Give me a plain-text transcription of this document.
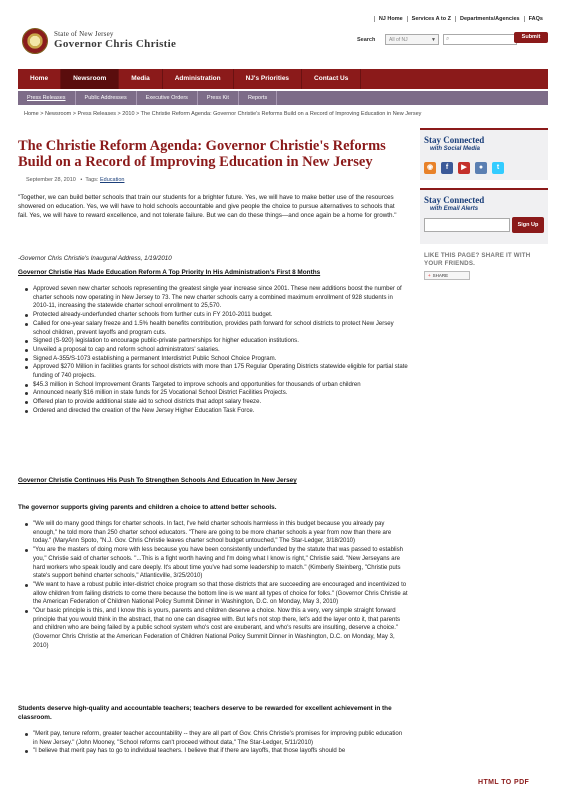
NJ Home	Services A to Z	Departments/Agencies	FAQs
State of New Jersey
Governor Chris Christie	Search	All of NJ	▼ ⌕	Submit
Home	Newsroom	Media	Administration	NJ's Priorities	Contact Us
Press Releases	Public Addresses	Executive Orders	Press Kit	Reports
Home > Newsroom > Press Releases > 2010 > The Christie Reform Agenda: Governor Christie's Reforms Build on a Record of Improving Education in New Jersey
The Christie Reform Agenda: Governor Christie's Reforms Build on a Record of Improving Education in New Jersey
September 28, 2010   •  Tags: Education

"Together, we can build better schools that train our students for a brighter future. Yes, we will have to make better use of the resources showered on education. Yes, we will have to hold schools accountable and give people the choice to pursue alternatives to schools that fail. Yes, we will have to reward excellence, and not tolerate failure. But we can do these things—and once again be a home for growth."

-Governor Chris Christie's Inaugural Address, 1/19/2010

Governor Christie Has Made Education Reform A Top Priority In His Administration's First 8 Months
Approved seven new charter schools representing the greatest single year increase since 2001. These new additions boost the number of charter schools now operating in New Jersey to 73. The new charter schools carry a combined maximum enrollment of 928 students in 2010-11, increasing the statewide charter school enrollment to 25,570.
Protected already-underfunded charter schools from further cuts in FY 2010-2011 budget.
Called for one-year salary freeze and 1.5% health benefits contribution, provides path forward for school districts to protect New Jersey school children, prevent layoffs and program cuts.
Signed (S-920) legislation to encourage public-private partnerships for higher education institutions.
Unveiled a proposal to cap and reform school administrators' salaries.
Signed A-355/S-1073 establishing a permanent Interdistrict Public School Choice Program.
Approved $270 Million in facilities grants for school districts with more than 175 Regular Operating Districts statewide eligible for partial state funding of 740 projects.
$45.3 million in School Improvement Grants Targeted to improve schools and opportunities for thousands of urban children
Announced nearly $16 million in state funds for 25 Vocational School District Facilities Projects.
Offered plan to provide additional state aid to school districts that adopt salary freeze.
Ordered and directed the creation of the New Jersey Higher Education Task Force.
Governor Christie Continues His Push To Strengthen Schools And Education In New Jersey
The governor supports giving parents and children a choice to attend better schools.
"We will do many good things for charter schools. In fact, I've held charter schools harmless in this budget because you already pay enough," he told more than 250 charter school educators. "There are going to be more charter schools a year from now than there are today." (MaryAnn Spoto, "N.J. Gov. Chris Christie leaves charter school budget untouched," The Star-Ledger, 3/18/2010)
"You are the masters of doing more with less because you have been consistently underfunded by the statute that was passed to establish you," Christie said of charter schools. "...This is a fight worth having and I'm doing what I know is right," Christie said. "New Jerseyans are hard workers who speak loudly and care deeply. It's about time you've had some leadership to match." (Kimberly Steinberg, "Christie puts state's support behind charter schools," Atlanticville, 3/25/2010)
"We want to have a robust public inter-district choice program so that those districts that are succeeding are encouraged and incentivized to allow children from failing districts to come there because the bottom line is we want all types of choice for folks." (Governor Chris Christie at the American Federation of Children National Policy Summit Dinner in Washington, D.C. on Monday, May 3, 2010)
"Our basic principle is this, and I know this is yours, parents and children deserve a choice. Now this a very, very simple straight forward principle that you would think in the abstract, that no one can disagree with. But let's not stop there, let's add the layer onto it, that parents and children who are being failed by a public school system who's cost are exuberant, and who's results are insulting, deserve a choice." (Governor Chris Christie at the American Federation of Children National Policy Summit Dinner in Washington, D.C. on Monday, May 3, 2010)
Students deserve high-quality and accountable teachers; teachers deserve to be rewarded for excellent achievement in the classroom.
"Merit pay, tenure reform, greater teacher accountability -- they are all part of Gov. Chris Christie's promises for improving public education in New Jersey." (John Mooney, "School reforms can't proceed without data," The Star-Ledger, 5/11/2010)
"I believe that merit pay has to go to individual teachers. I believe that if there are layoffs, that those layoffs should be
Stay Connected
with Social Media
◉	f	▶	●	t
Stay Connected
with Email Alerts
Sign Up
LIKE THIS PAGE? SHARE IT WITH YOUR FRIENDS.
+ SHARE
HTML TO PDF
